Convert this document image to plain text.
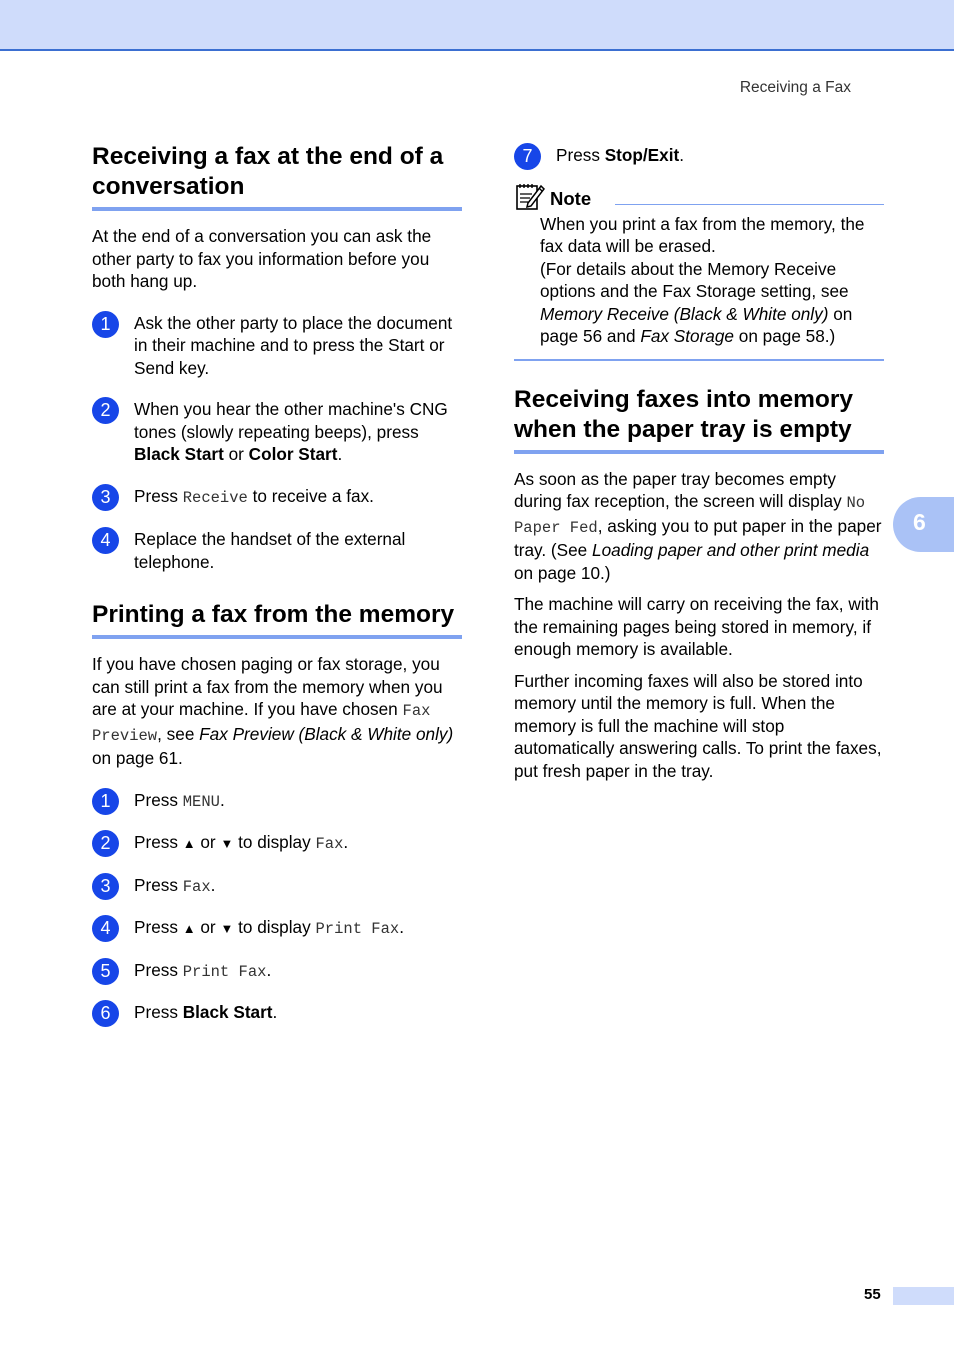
Receiving a Fax
Receiving a fax at the end of a conversation

At the end of a conversation you can ask the other party to fax you information before you both hang up.

1	Ask the other party to place the document in their machine and to press the Start or Send key.
2	When you hear the other machine's CNG tones (slowly repeating beeps), press Black Start or Color Start.
3	Press Receive to receive a fax.
4	Replace the handset of the external telephone.
Printing a fax from the memory

If you have chosen paging or fax storage, you can still print a fax from the memory when you are at your machine. If you have chosen Fax Preview, see Fax Preview (Black & White only) on page 61.

1	Press MENU.
2	Press ▲ or ▼ to display Fax.
3	Press Fax.
4	Press ▲ or ▼ to display Print Fax.
5	Press Print Fax.
6	Press Black Start.
7	Press Stop/Exit.
Note
When you print a fax from the memory, the fax data will be erased.
(For details about the Memory Receive options and the Fax Storage setting, see Memory Receive (Black & White only) on page 56 and Fax Storage on page 58.)
Receiving faxes into memory when the paper tray is empty

As soon as the paper tray becomes empty during fax reception, the screen will display No Paper Fed, asking you to put paper in the paper tray. (See Loading paper and other print media on page 10.)

The machine will carry on receiving the fax, with the remaining pages being stored in memory, if enough memory is available.

Further incoming faxes will also be stored into memory until the memory is full. When the memory is full the machine will stop automatically answering calls. To print the faxes, put fresh paper in the tray.

6
55
